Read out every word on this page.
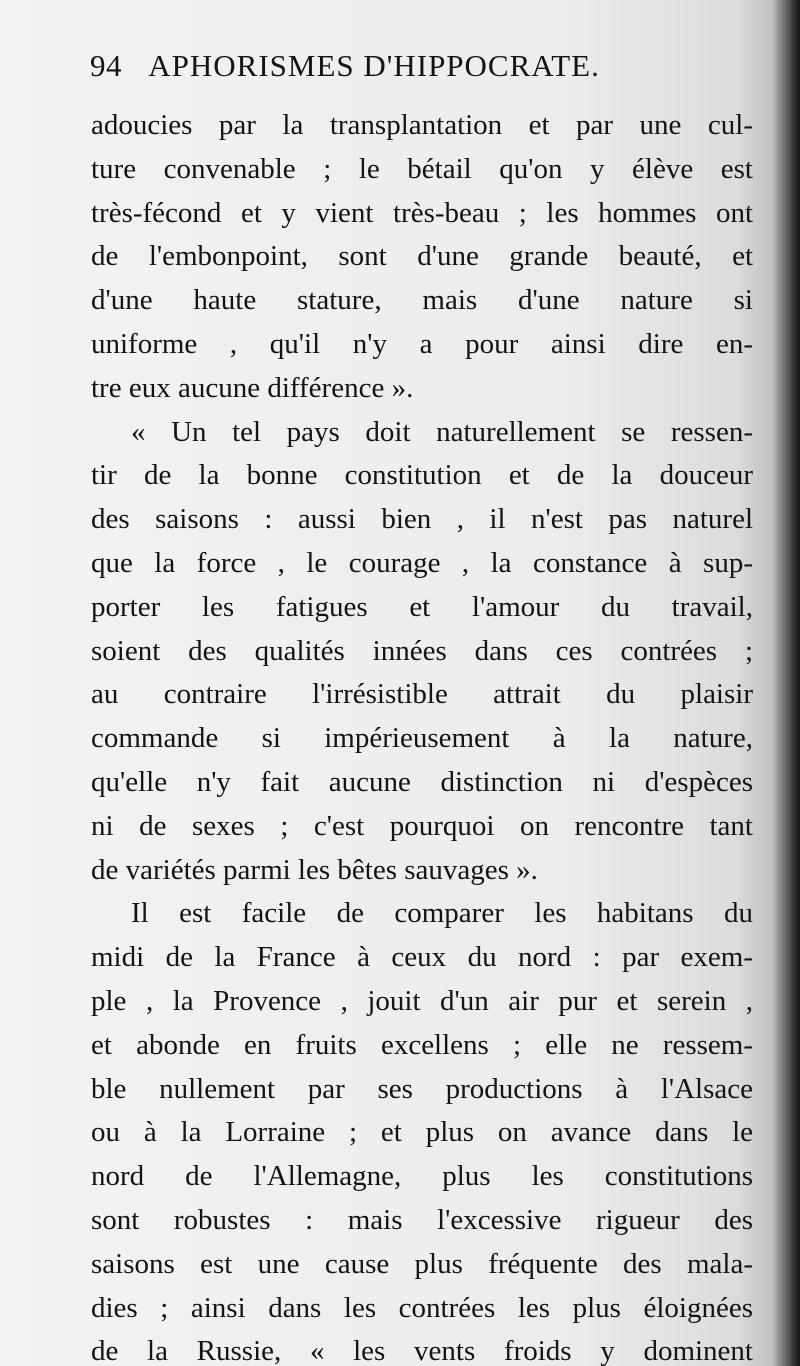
94 APHORISMES D'HIPPOCRATE.
adoucies par la transplantation et par une cul-
ture convenable ; le bétail qu'on y élève est
très-fécond et y vient très-beau ; les hommes ont
de l'embonpoint, sont d'une grande beauté, et
d'une haute stature, mais d'une nature si
uniforme , qu'il n'y a pour ainsi dire en-
tre eux aucune différence ».
« Un tel pays doit naturellement se ressen-
tir de la bonne constitution et de la douceur
des saisons : aussi bien , il n'est pas naturel
que la force , le courage , la constance à sup-
porter les fatigues et l'amour du travail,
soient des qualités innées dans ces contrées ;
au contraire l'irrésistible attrait du plaisir
commande si impérieusement à la nature,
qu'elle n'y fait aucune distinction ni d'espèces
ni de sexes ; c'est pourquoi on rencontre tant
de variétés parmi les bêtes sauvages ».
Il est facile de comparer les habitans du
midi de la France à ceux du nord : par exem-
ple , la Provence , jouit d'un air pur et serein ,
et abonde en fruits excellens ; elle ne ressem-
ble nullement par ses productions à l'Alsace
ou à la Lorraine ; et plus on avance dans le
nord de l'Allemagne, plus les constitutions
sont robustes : mais l'excessive rigueur des
saisons est une cause plus fréquente des mala-
dies ; ainsi dans les contrées les plus éloignées
de la Russie, « les vents froids y dominent
